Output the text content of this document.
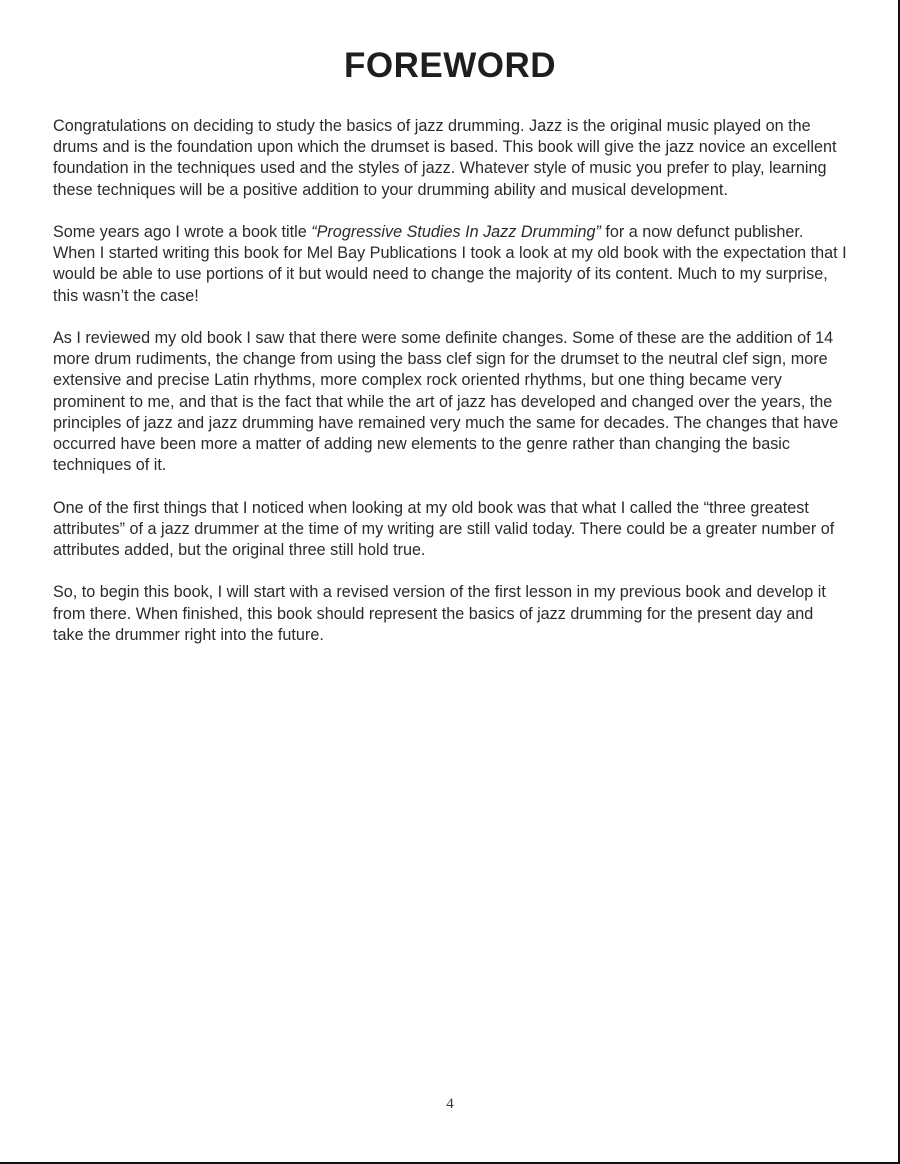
FOREWORD

Congratulations on deciding to study the basics of jazz drumming. Jazz is the original music played on the drums and is the foundation upon which the drumset is based. This book will give the jazz novice an excellent foundation in the techniques used and the styles of jazz. Whatever style of music you prefer to play, learning these techniques will be a positive addition to your drumming ability and musical development.

Some years ago I wrote a book title “Progressive Studies In Jazz Drumming” for a now defunct publisher. When I started writing this book for Mel Bay Publications I took a look at my old book with the expectation that I would be able to use portions of it but would need to change the majority of its content. Much to my surprise, this wasn’t the case!

As I reviewed my old book I saw that there were some definite changes. Some of these are the addition of 14 more drum rudiments, the change from using the bass clef sign for the drumset to the neutral clef sign, more extensive and precise Latin rhythms, more complex rock oriented rhythms, but one thing became very prominent to me, and that is the fact that while the art of jazz has developed and changed over the years, the principles of jazz and jazz drumming have remained very much the same for decades. The changes that have occurred have been more a matter of adding new elements to the genre rather than changing the basic techniques of it.

One of the first things that I noticed when looking at my old book was that what I called the “three greatest attributes” of a jazz drummer at the time of my writing are still valid today. There could be a greater number of attributes added, but the original three still hold true.

So, to begin this book, I will start with a revised version of the first lesson in my previous book and develop it from there. When finished, this book should represent the basics of jazz drumming for the present day and take the drummer right into the future.

4
